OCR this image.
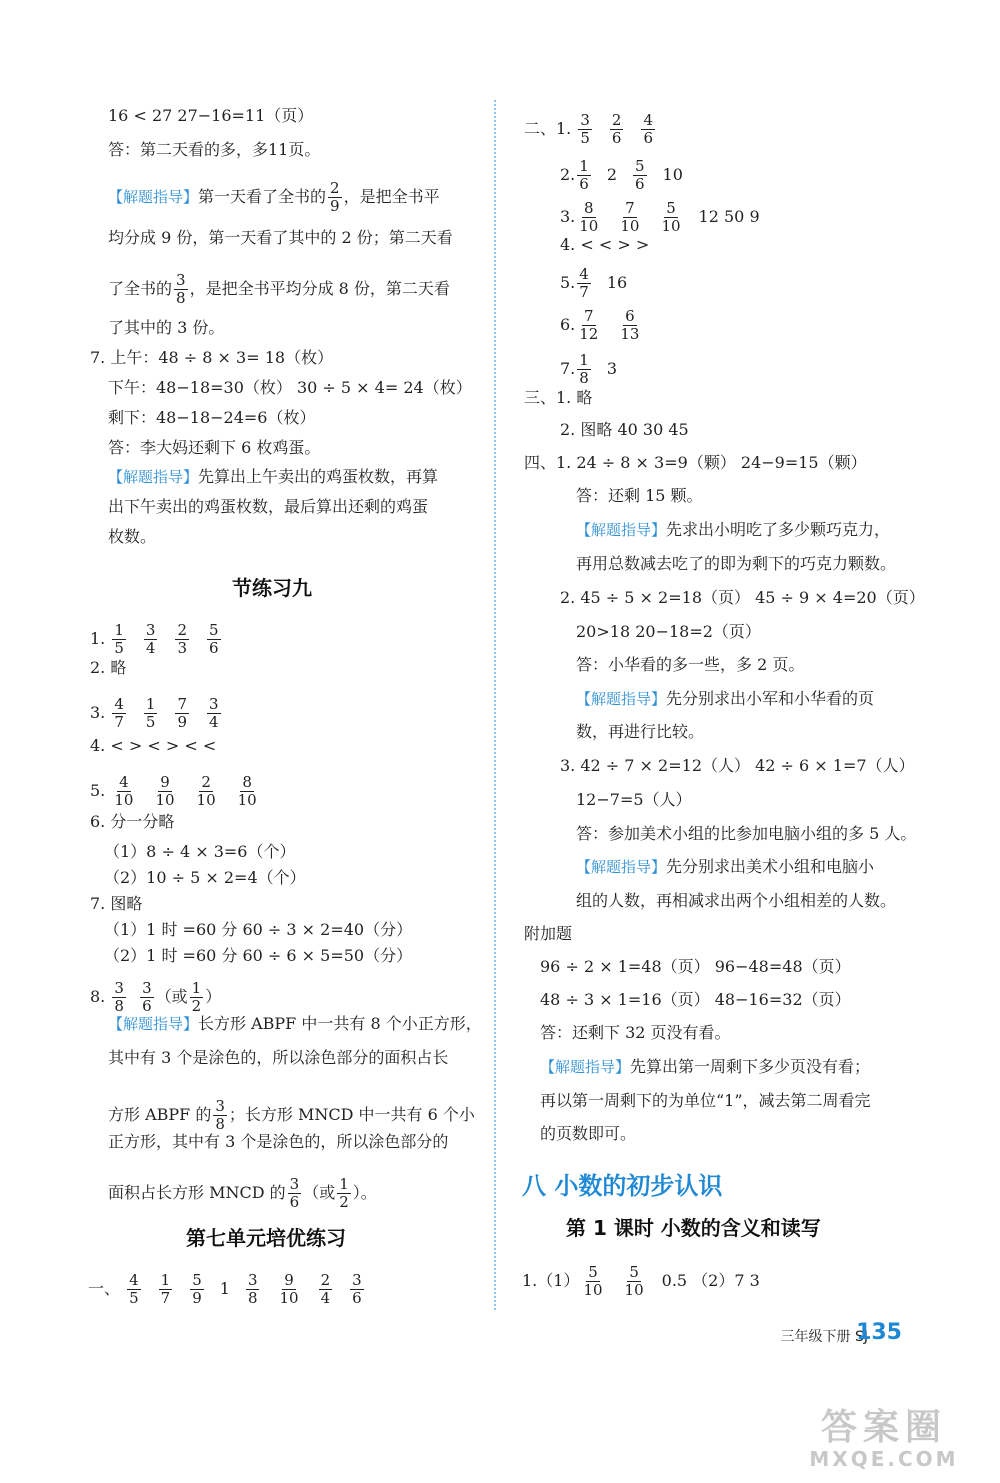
16 < 27 27−16=11（页）
答：第二天看的多，多11页。
【解题指导】第一天看了全书的 $\frac{2}{9}$ ，是把全书平
均分成 9 份，第一天看了其中的 2 份；第二天看
了全书的 $\frac{3}{8}$ ，是把全书平均分成 8 份，第二天看
了其中的 3 份。
7. 上午：48 ÷ 8 × 3= 18（枚）
下午：48−18=30（枚） 30 ÷ 5 × 4= 24（枚）
剩下：48−18−24=6（枚）
答：李大妈还剩下 6 枚鸡蛋。
【解题指导】先算出上午卖出的鸡蛋枚数，再算
出下午卖出的鸡蛋枚数，最后算出还剩的鸡蛋
枚数。
节练习九
1. $\frac{1}{5} \frac{3}{4} \frac{2}{3} \frac{5}{6}$
2. 略
3. $\frac{4}{7} \frac{1}{5} \frac{7}{9} \frac{3}{4}$
4. < > < > < <
5. $\frac{4}{10} \frac{9}{10} \frac{2}{10} \frac{8}{10}$
6. 分一分略
（1）8 ÷ 4 × 3=6（个）
（2）10 ÷ 5 × 2=4（个）
7. 图略
（1）1 时 =60 分 60 ÷ 3 × 2=40（分）
（2）1 时 =60 分 60 ÷ 6 × 5=50（分）
8. $\frac{3}{8}$
$\frac{3}{6}$ （或 $\frac{1}{2}$ ）
【解题指导】长方形 ABPF 中一共有 8 个小正方形，
其中有 3 个是涂色的，所以涂色部分的面积占长
方形 ABPF 的 $\frac{3}{8}$ ；长方形 MNCD 中一共有 6 个小
正方形，其中有 3 个是涂色的，所以涂色部分的
面积占长方形 MNCD 的 $\frac{3}{6}$ （或 $\frac{1}{2}$ ）。
第七单元培优练习
一、 $\frac{4}{5} \frac{1}{7} \frac{5}{9} 1 \frac{3}{8} \frac{9}{10} \frac{2}{4} \frac{3}{6}$
二、1. $\frac{3}{5} \frac{2}{6} \frac{4}{6}$
2. $\frac{1}{6} 2 \frac{5}{6} 10$
3. $\frac{8}{10} \frac{7}{10} \frac{5}{10} 12$ 50 9
4. < < > >
5. $\frac{4}{7} 16$
6. $\frac{7}{12} \frac{6}{13}$
7. $\frac{1}{8} 3$
三、1. 略
2. 图略 40 30 45
四、1. 24 ÷ 8 × 3=9（颗） 24−9=15（颗）
答：还剩 15 颗。
【解题指导】先求出小明吃了多少颗巧克力，
再用总数减去吃了的即为剩下的巧克力颗数。
2. 45 ÷ 5 × 2=18（页） 45 ÷ 9 × 4=20（页）
20>18 20−18=2（页）
答：小华看的多一些，多 2 页。
【解题指导】先分别求出小军和小华看的页
数，再进行比较。
3. 42 ÷ 7 × 2=12（人） 42 ÷ 6 × 1=7（人）
12−7=5（人）
答：参加美术小组的比参加电脑小组的多 5 人。
【解题指导】先分别求出美术小组和电脑小
组的人数，再相减求出两个小组相差的人数。
附加题
96 ÷ 2 × 1=48（页） 96−48=48（页）
48 ÷ 3 × 1=16（页） 48−16=32（页）
答：还剩下 32 页没有看。
【解题指导】先算出第一周剩下多少页没有看；
再以第一周剩下的为单位“1”，减去第二周看完
的页数即可。
八 小数的初步认识
第 1 课时 小数的含义和读写
$1.(1) \frac{5}{10} \frac{5}{10} 0.5$ （2）7 3
三年级下册 SJ
135
答案圈
MXQE.COM
